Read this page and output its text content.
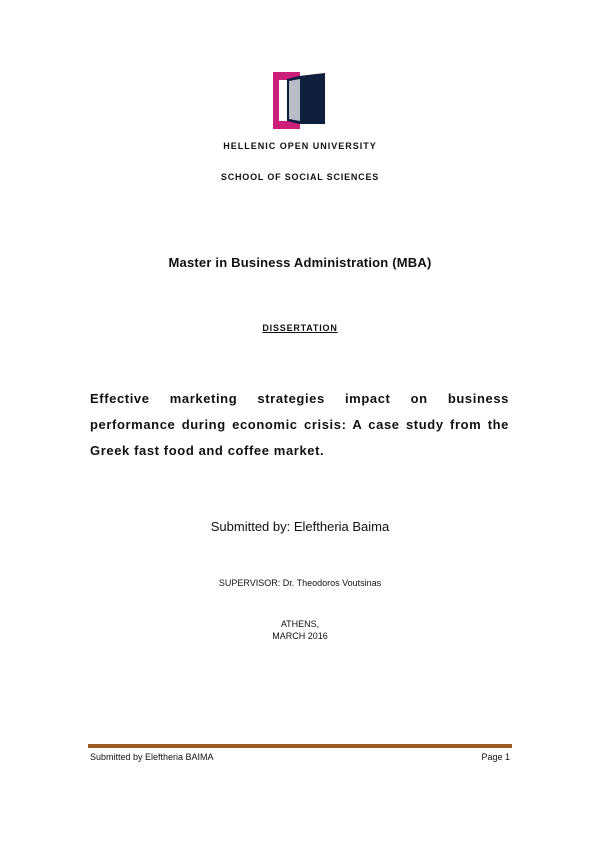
HELLENIC OPEN UNIVERSITY
SCHOOL OF SOCIAL SCIENCES
Master in Business Administration (MBA)
DISSERTATION
Effective marketing strategies impact on business performance during economic crisis: A case study from the Greek fast food and coffee market.
Submitted by: Eleftheria Baima
SUPERVISOR: Dr. Theodoros Voutsinas
ATHENS,
MARCH 2016
Submitted by Eleftheria BAIMA	Page 1
